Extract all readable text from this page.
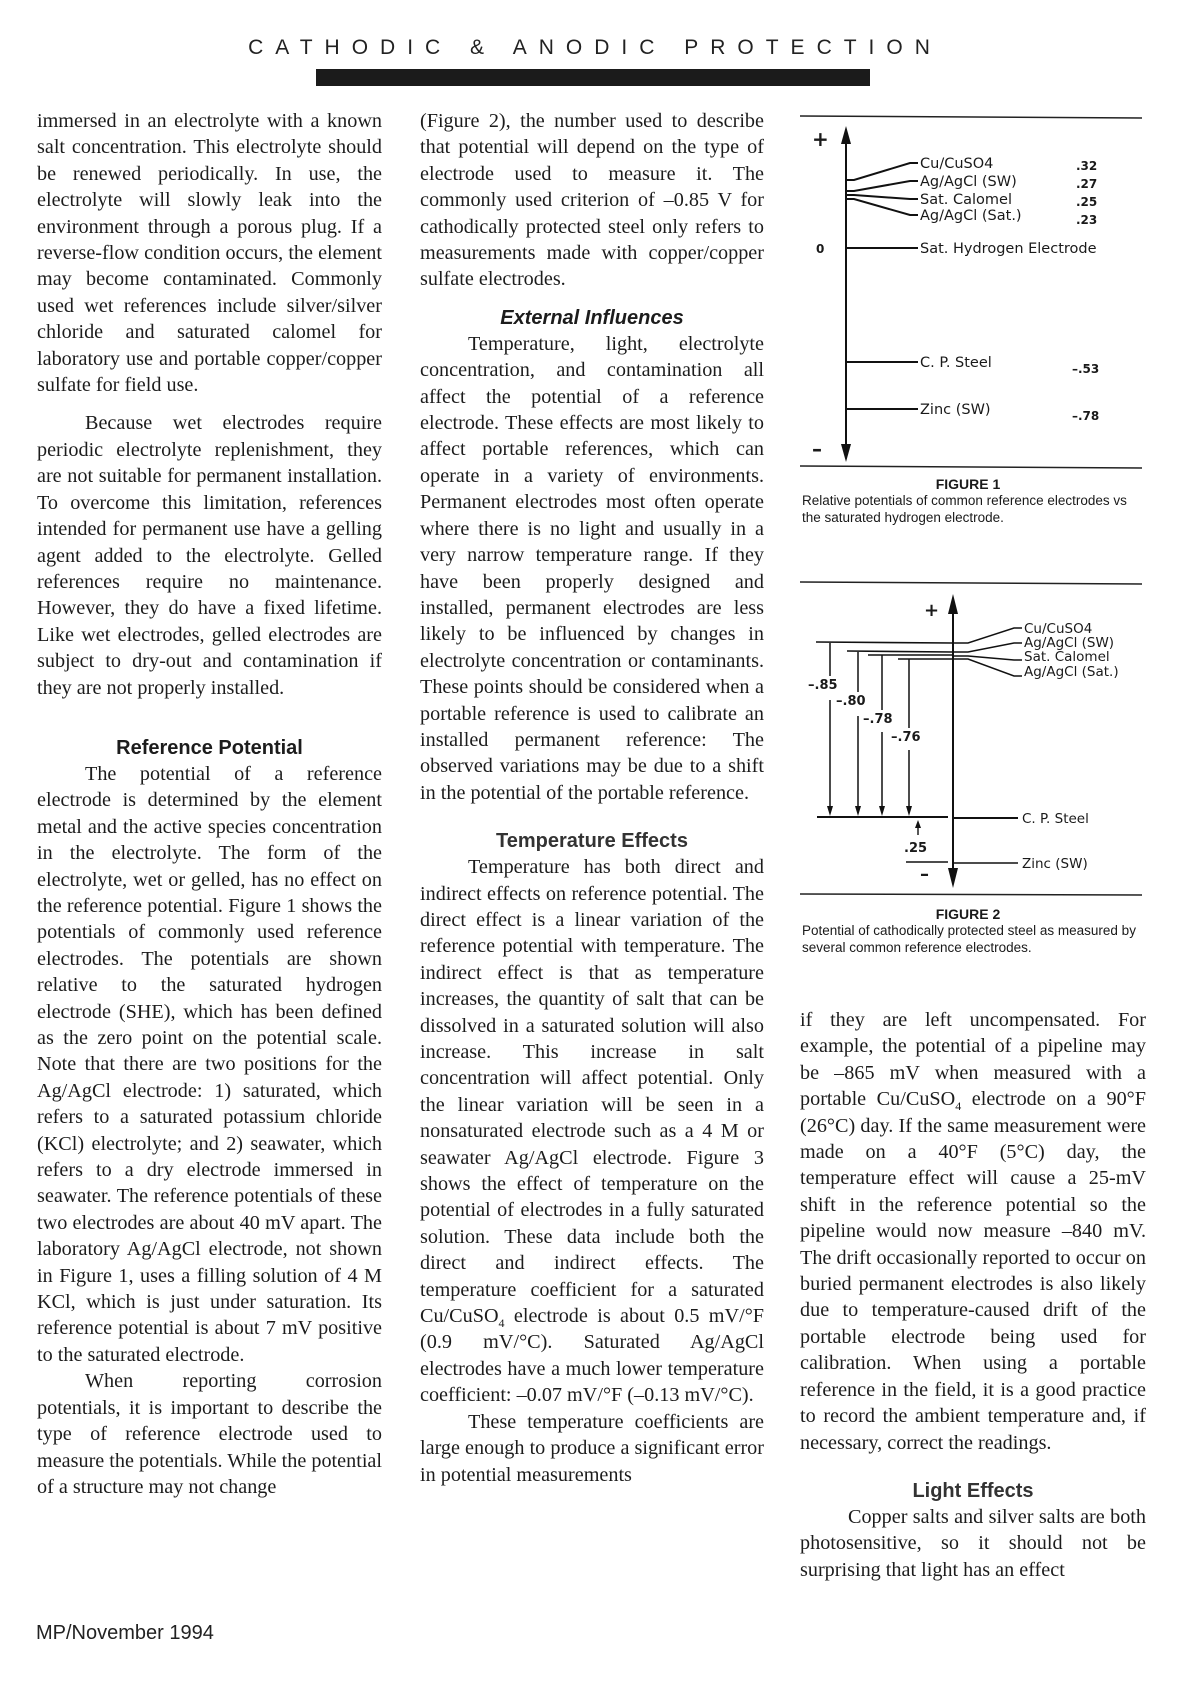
CATHODIC & ANODIC PROTECTION

immersed in an electrolyte with a known salt concentration. This electrolyte should be renewed periodically. In use, the electrolyte will slowly leak into the environment through a porous plug. If a reverse-flow condition occurs, the element may become contaminated. Commonly used wet references include silver/silver chloride and saturated calomel for laboratory use and portable copper/copper sulfate for field use.

Because wet electrodes require periodic electrolyte replenishment, they are not suitable for permanent installation. To overcome this limitation, references intended for permanent use have a gelling agent added to the electrolyte. Gelled references require no maintenance. However, they do have a fixed lifetime. Like wet electrodes, gelled electrodes are subject to dry-out and contamination if they are not properly installed.

Reference Potential

The potential of a reference electrode is determined by the element metal and the active species concentration in the electrolyte. The form of the electrolyte, wet or gelled, has no effect on the reference potential. Figure 1 shows the potentials of commonly used reference electrodes. The potentials are shown relative to the saturated hydrogen electrode (SHE), which has been defined as the zero point on the potential scale. Note that there are two positions for the Ag/AgCl electrode: 1) saturated, which refers to a saturated potassium chloride (KCl) electrolyte; and 2) seawater, which refers to a dry electrode immersed in seawater. The reference potentials of these two electrodes are about 40 mV apart. The laboratory Ag/AgCl electrode, not shown in Figure 1, uses a filling solution of 4 M KCl, which is just under saturation. Its reference potential is about 7 mV positive to the saturated electrode.

When reporting corrosion potentials, it is important to describe the type of reference electrode used to measure the potentials. While the potential of a structure may not change

(Figure 2), the number used to describe that potential will depend on the type of electrode used to measure it. The commonly used criterion of –0.85 V for cathodically protected steel only refers to measurements made with copper/copper sulfate electrodes.

External Influences

Temperature, light, electrolyte concentration, and contamination all affect the potential of a reference electrode. These effects are most likely to affect portable references, which can operate in a variety of environments. Permanent electrodes most often operate where there is no light and usually in a very narrow temperature range. If they have been properly designed and installed, permanent electrodes are less likely to be influenced by changes in electrolyte concentration or contaminants. These points should be considered when a portable reference is used to calibrate an installed permanent reference: The observed variations may be due to a shift in the potential of the portable reference.

Temperature Effects

Temperature has both direct and indirect effects on reference potential. The direct effect is a linear variation of the reference potential with temperature. The indirect effect is that as temperature increases, the quantity of salt that can be dissolved in a saturated solution will also increase. This increase in salt concentration will affect potential. Only the linear variation will be seen in a nonsaturated electrode such as a 4 M or seawater Ag/AgCl electrode. Figure 3 shows the effect of temperature on the potential of electrodes in a fully saturated solution. These data include both the direct and indirect effects. The temperature coefficient for a saturated Cu/CuSO$_4$ electrode is about 0.5 mV/°F (0.9 mV/°C). Saturated Ag/AgCl electrodes have a much lower temperature coefficient: –0.07 mV/°F (–0.13 mV/°C).

These temperature coefficients are large enough to produce a significant error in potential measurements

+
–
0
Cu/CuSO4
Ag/AgCl (SW)
Sat. Calomel
Ag/AgCl (Sat.)
Sat. Hydrogen Electrode
C. P. Steel
Zinc (SW)
.32
.27
.25
.23
–.53
–.78
FIGURE 1
Relative potentials of common reference electrodes vs the saturated hydrogen electrode.
+
–
Cu/CuSO4
Ag/AgCl (SW)
Sat. Calomel
Ag/AgCl (Sat.)
–.85
–.80
–.78
–.76
C. P. Steel
Zinc (SW)
.25
FIGURE 2
Potential of cathodically protected steel as measured by several common reference electrodes.

if they are left uncompensated. For example, the potential of a pipeline may be –865 mV when measured with a portable Cu/CuSO$_4$ electrode on a 90°F (26°C) day. If the same measurement were made on a 40°F (5°C) day, the temperature effect will cause a 25-mV shift in the reference potential so the pipeline would now measure –840 mV. The drift occasionally reported to occur on buried permanent electrodes is also likely due to temperature-caused drift of the portable electrode being used for calibration. When using a portable reference in the field, it is a good practice to record the ambient temperature and, if necessary, correct the readings.

Light Effects

Copper salts and silver salts are both photosensitive, so it should not be surprising that light has an effect

MP/November 1994
